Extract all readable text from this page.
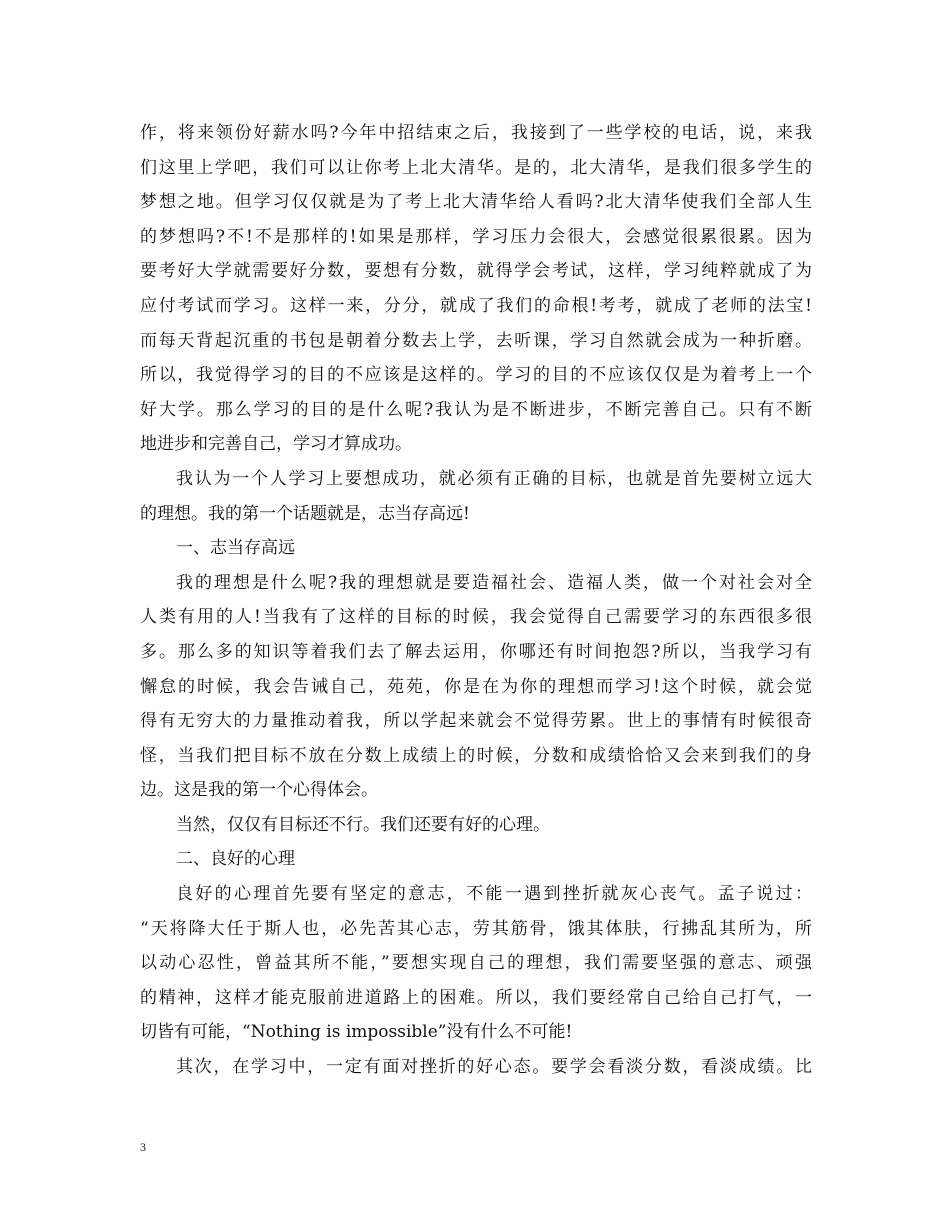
作，将来领份好薪水吗?今年中招结束之后，我接到了一些学校的电话，说，来我
们这里上学吧，我们可以让你考上北大清华。是的，北大清华，是我们很多学生的
梦想之地。但学习仅仅就是为了考上北大清华给人看吗?北大清华使我们全部人生
的梦想吗?不!不是那样的!如果是那样，学习压力会很大，会感觉很累很累。因为
要考好大学就需要好分数，要想有分数，就得学会考试，这样，学习纯粹就成了为
应付考试而学习。这样一来，分分，就成了我们的命根!考考，就成了老师的法宝!
而每天背起沉重的书包是朝着分数去上学，去听课，学习自然就会成为一种折磨。
所以，我觉得学习的目的不应该是这样的。学习的目的不应该仅仅是为着考上一个
好大学。那么学习的目的是什么呢?我认为是不断进步，不断完善自己。只有不断
地进步和完善自己，学习才算成功。
我认为一个人学习上要想成功，就必须有正确的目标，也就是首先要树立远大
的理想。我的第一个话题就是，志当存高远!
一、志当存高远
我的理想是什么呢?我的理想就是要造福社会、造福人类，做一个对社会对全
人类有用的人!当我有了这样的目标的时候，我会觉得自己需要学习的东西很多很
多。那么多的知识等着我们去了解去运用，你哪还有时间抱怨?所以，当我学习有
懈怠的时候，我会告诫自己，苑苑，你是在为你的理想而学习!这个时候，就会觉
得有无穷大的力量推动着我，所以学起来就会不觉得劳累。世上的事情有时候很奇
怪，当我们把目标不放在分数上成绩上的时候，分数和成绩恰恰又会来到我们的身
边。这是我的第一个心得体会。
当然，仅仅有目标还不行。我们还要有好的心理。
二、良好的心理
良好的心理首先要有坚定的意志，不能一遇到挫折就灰心丧气。孟子说过：
“天将降大任于斯人也，必先苦其心志，劳其筋骨，饿其体肤，行拂乱其所为，所
以动心忍性，曾益其所不能，”要想实现自己的理想，我们需要坚强的意志、顽强
的精神，这样才能克服前进道路上的困难。所以，我们要经常自己给自己打气，一
切皆有可能，“Nothing is impossible”没有什么不可能!
其次，在学习中，一定有面对挫折的好心态。要学会看淡分数，看淡成绩。比
3
